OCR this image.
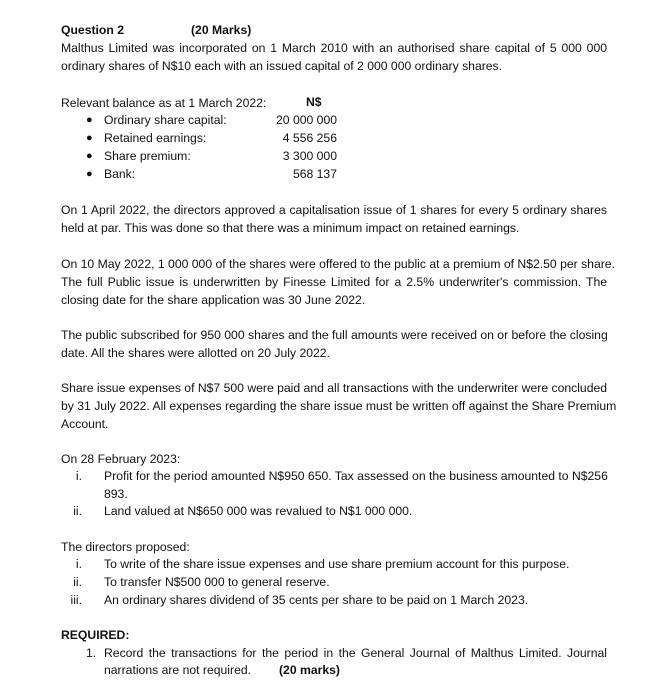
Question 2	(20 Marks)
Malthus Limited was incorporated on 1 March 2010 with an authorised share capital of 5 000 000
ordinary shares of N$10 each with an issued capital of 2 000 000 ordinary shares.
Relevant balance as at 1 March 2022:	N$
● Ordinary share capital:	20 000 000
● Retained earnings:	4 556 256
● Share premium:	3 300 000
● Bank:	568 137
On 1 April 2022, the directors approved a capitalisation issue of 1 shares for every 5 ordinary shares
held at par. This was done so that there was a minimum impact on retained earnings.
On 10 May 2022, 1 000 000 of the shares were offered to the public at a premium of N$2.50 per share.
The full Public issue is underwritten by Finesse Limited for a 2.5% underwriter's commission. The
closing date for the share application was 30 June 2022.
The public subscribed for 950 000 shares and the full amounts were received on or before the closing
date. All the shares were allotted on 20 July 2022.
Share issue expenses of N$7 500 were paid and all transactions with the underwriter were concluded
by 31 July 2022. All expenses regarding the share issue must be written off against the Share Premium
Account.
On 28 February 2023:
i. Profit for the period amounted N$950 650. Tax assessed on the business amounted to N$256
893.
ii. Land valued at N$650 000 was revalued to N$1 000 000.
The directors proposed:
i. To write of the share issue expenses and use share premium account for this purpose.
ii. To transfer N$500 000 to general reserve.
iii. An ordinary shares dividend of 35 cents per share to be paid on 1 March 2023.
REQUIRED:
1. Record the transactions for the period in the General Journal of Malthus Limited. Journal
narrations are not required. (20 marks)
